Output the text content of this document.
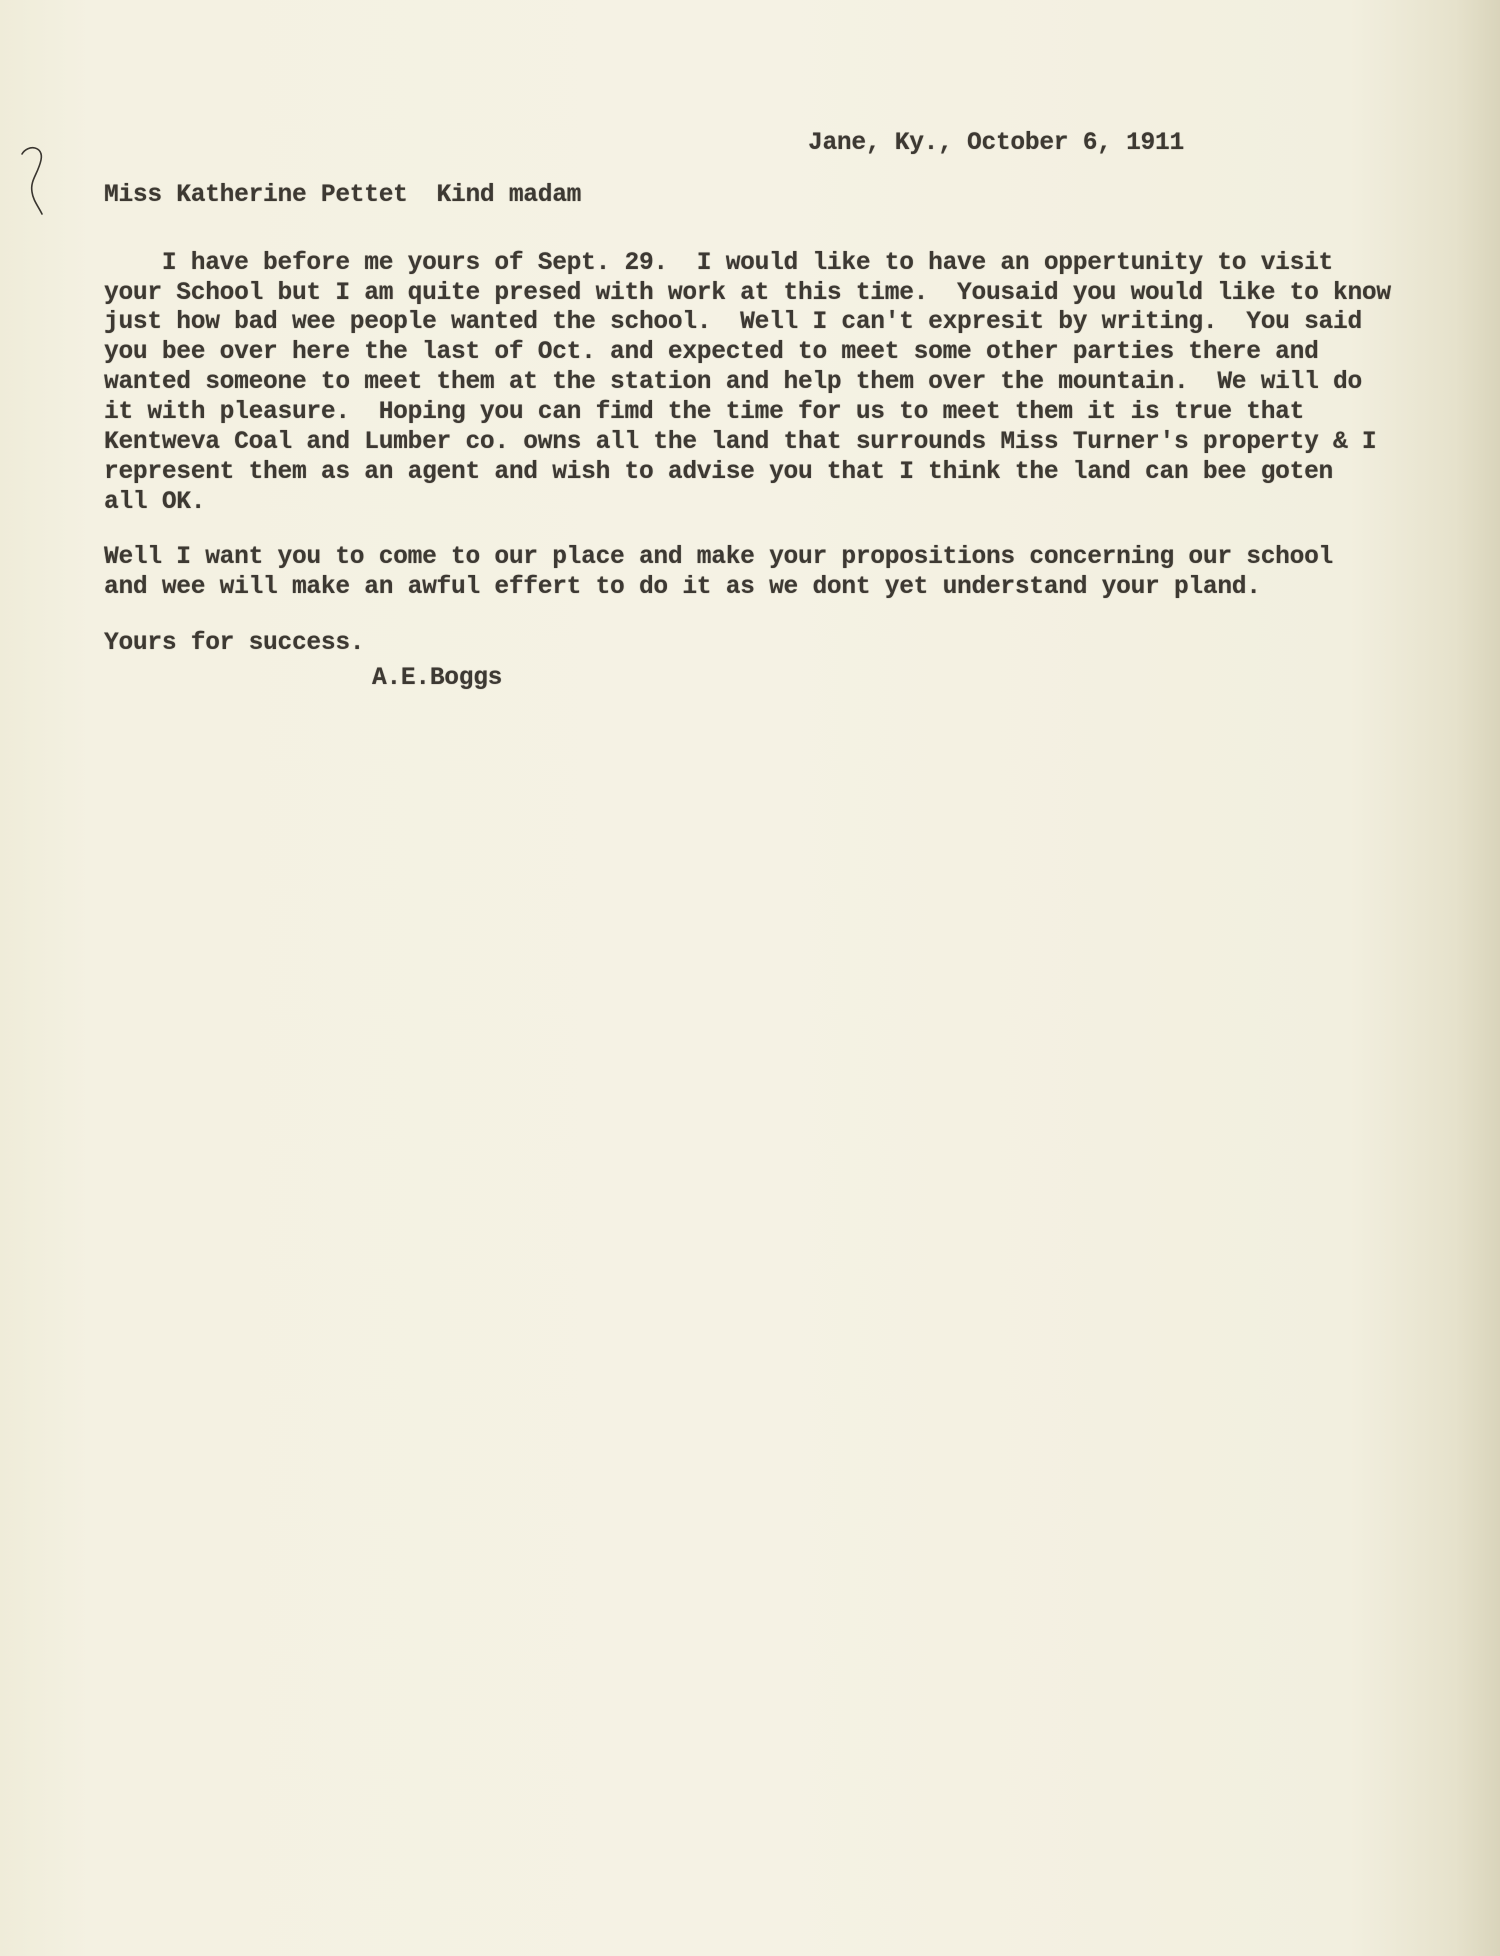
Jane, Ky., October 6, 1911
Miss Katherine Pettet  Kind madam
I have before me yours of Sept. 29.  I would like to have an oppertunity to visit
your School but I am quite presed with work at this time.  Yousaid you would like to know
just how bad wee people wanted the school.  Well I can't expresit by writing.  You said
you bee over here the last of Oct. and expected to meet some other parties there and
wanted someone to meet them at the station and help them over the mountain.  We will do
it with pleasure.  Hoping you can fimd the time for us to meet them it is true that
Kentweva Coal and Lumber co. owns all the land that surrounds Miss Turner's property & I
represent them as an agent and wish to advise you that I think the land can bee goten
all OK.
Well I want you to come to our place and make your propositions concerning our school
and wee will make an awful effert to do it as we dont yet understand your pland.
Yours for success.
A.E.Boggs
